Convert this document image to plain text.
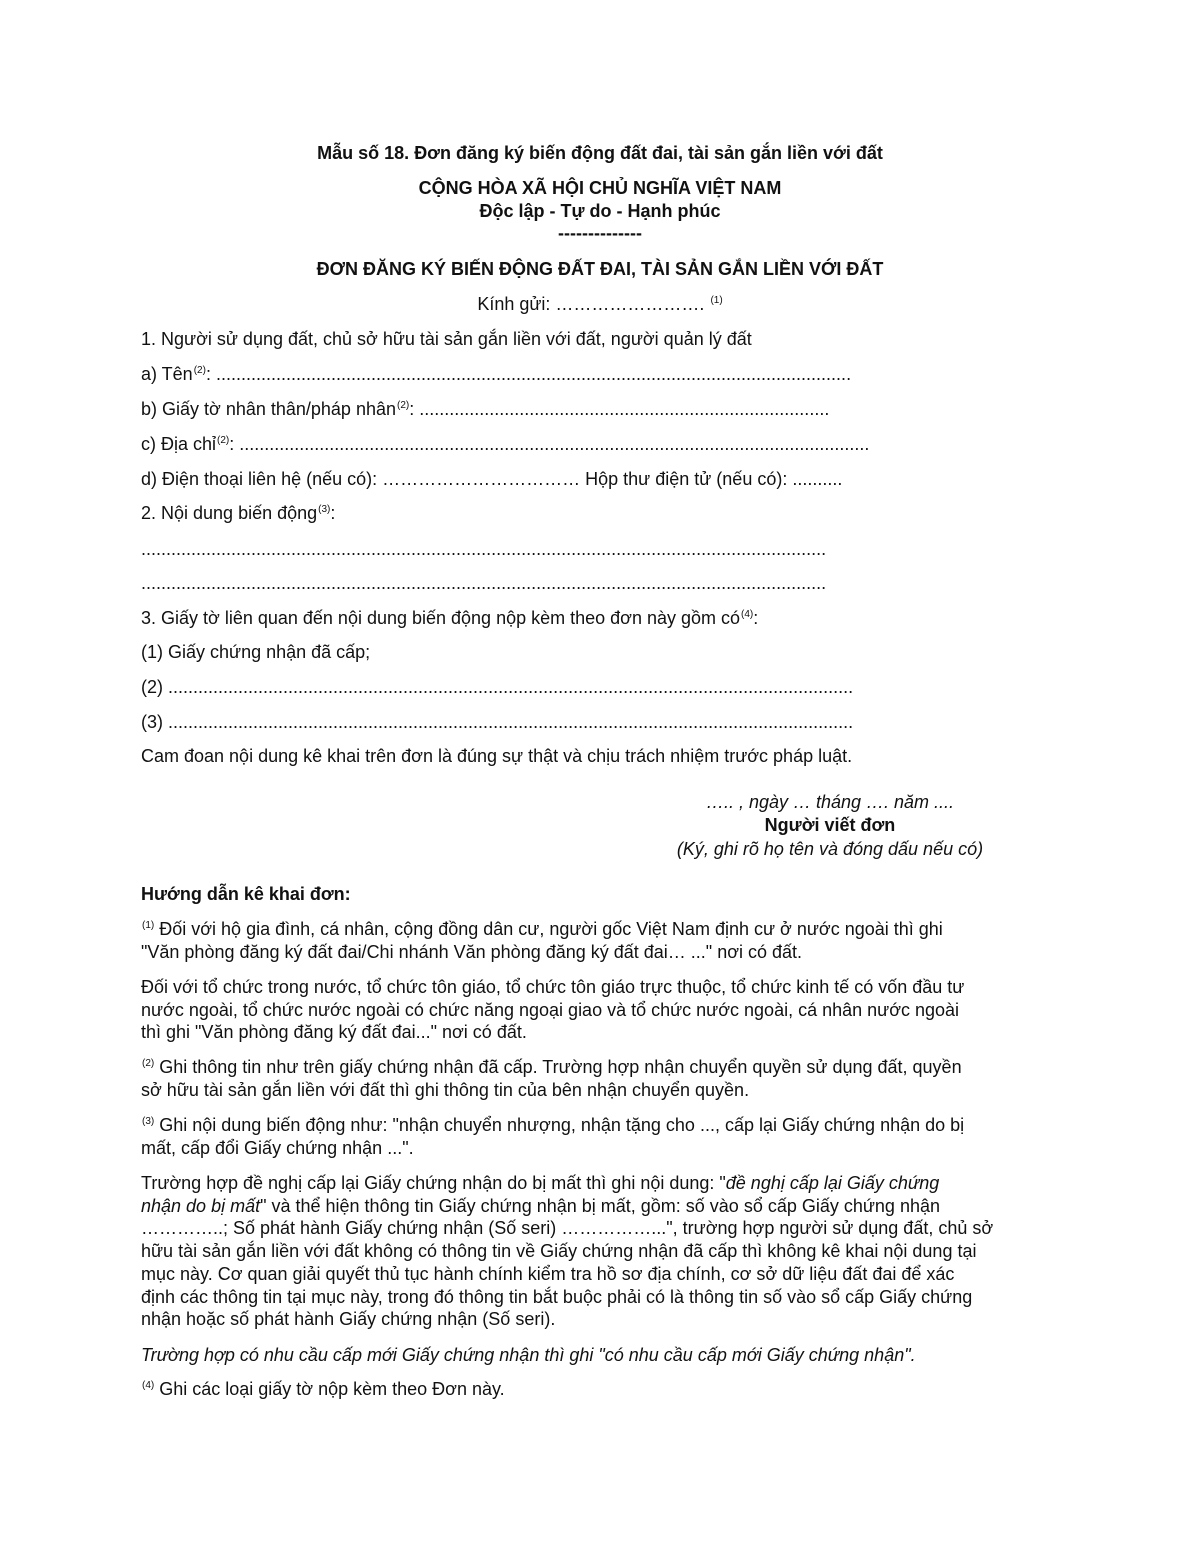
Mẫu số 18. Đơn đăng ký biến động đất đai, tài sản gắn liền với đất
CỘNG HÒA XÃ HỘI CHỦ NGHĨA VIỆT NAM
Độc lập - Tự do - Hạnh phúc
--------------
ĐƠN ĐĂNG KÝ BIẾN ĐỘNG ĐẤT ĐAI, TÀI SẢN GẮN LIỀN VỚI ĐẤT
Kính gửi: ……………………. $^{(1)}$
1. Người sử dụng đất, chủ sở hữu tài sản gắn liền với đất, người quản lý đất
a) Tên$^{(2)}$: ...............................................................................................................................
b) Giấy tờ nhân thân/pháp nhân$^{(2)}$: ..................................................................................
c) Địa chỉ$^{(2)}$: ..............................................................................................................................
d) Điện thoại liên hệ (nếu có): …………………………… Hộp thư điện tử (nếu có): ..........
2. Nội dung biến động$^{(3)}$:
.........................................................................................................................................
.........................................................................................................................................
3. Giấy tờ liên quan đến nội dung biến động nộp kèm theo đơn này gồm $có^{(4)}$:
(1) Giấy chứng nhận đã cấp;
(2) .........................................................................................................................................
(3) .........................................................................................................................................
Cam đoan nội dung kê khai trên đơn là đúng sự thật và chịu trách nhiệm trước pháp luật.
….. , ngày … tháng …. năm ....
Người viết đơn
(Ký, ghi rõ họ tên và đóng dấu nếu có)
Hướng dẫn kê khai đơn:
$^{(1)}$ Đối với hộ gia đình, cá nhân, cộng đồng dân cư, người gốc Việt Nam định cư ở nước ngoài thì ghi
"Văn phòng đăng ký đất đai/Chi nhánh Văn phòng đăng ký đất đai… ..." nơi có đất.
Đối với tổ chức trong nước, tổ chức tôn giáo, tổ chức tôn giáo trực thuộc, tổ chức kinh tế có vốn đầu tư
nước ngoài, tổ chức nước ngoài có chức năng ngoại giao và tổ chức nước ngoài, cá nhân nước ngoài
thì ghi "Văn phòng đăng ký đất đai..." nơi có đất.
$^{(2)}$ Ghi thông tin như trên giấy chứng nhận đã cấp. Trường hợp nhận chuyển quyền sử dụng đất, quyền
sở hữu tài sản gắn liền với đất thì ghi thông tin của bên nhận chuyển quyền.
$^{(3)}$ Ghi nội dung biến động như: "nhận chuyển nhượng, nhận tặng cho ..., cấp lại Giấy chứng nhận do bị
mất, cấp đổi Giấy chứng nhận ...".
Trường hợp đề nghị cấp lại Giấy chứng nhận do bị mất thì ghi nội dung: "đề nghị cấp lại Giấy chứng
nhận do bị mất" và thể hiện thông tin Giấy chứng nhận bị mất, gồm: số vào sổ cấp Giấy chứng nhận
…………..; Số phát hành Giấy chứng nhận (Số seri) ……………...", trường hợp người sử dụng đất, chủ sở
hữu tài sản gắn liền với đất không có thông tin về Giấy chứng nhận đã cấp thì không kê khai nội dung tại
mục này. Cơ quan giải quyết thủ tục hành chính kiểm tra hồ sơ địa chính, cơ sở dữ liệu đất đai để xác
định các thông tin tại mục này, trong đó thông tin bắt buộc phải có là thông tin số vào sổ cấp Giấy chứng
nhận hoặc số phát hành Giấy chứng nhận (Số seri).
Trường hợp có nhu cầu cấp mới Giấy chứng nhận thì ghi "có nhu cầu cấp mới Giấy chứng nhận".
$^{(4)}$ Ghi các loại giấy tờ nộp kèm theo Đơn này.
